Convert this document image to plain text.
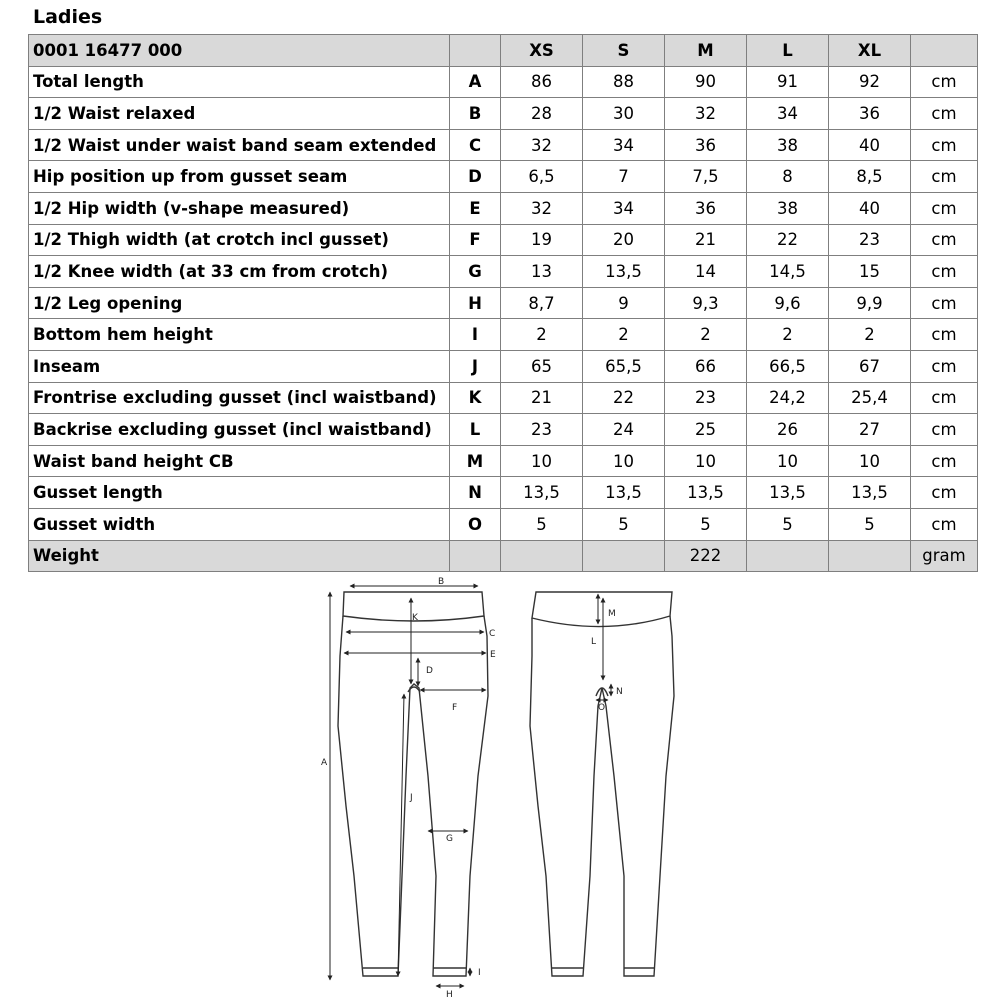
Ladies
0001 16477 000		XS	S	M	L	XL	
Total length	A	86	88	90	91	92	cm
1/2 Waist relaxed	B	28	30	32	34	36	cm
1/2 Waist under waist band seam extended	C	32	34	36	38	40	cm
Hip position up from gusset seam	D	6,5	7	7,5	8	8,5	cm
1/2 Hip width (v-shape measured)	E	32	34	36	38	40	cm
1/2 Thigh width (at crotch incl gusset)	F	19	20	21	22	23	cm
1/2 Knee width (at 33 cm from crotch)	G	13	13,5	14	14,5	15	cm
1/2 Leg opening	H	8,7	9	9,3	9,6	9,9	cm
Bottom hem height	I	2	2	2	2	2	cm
Inseam	J	65	65,5	66	66,5	67	cm
Frontrise excluding gusset (incl waistband)	K	21	22	23	24,2	25,4	cm
Backrise excluding gusset (incl waistband)	L	23	24	25	26	27	cm
Waist band height CB	M	10	10	10	10	10	cm
Gusset length	N	13,5	13,5	13,5	13,5	13,5	cm
Gusset width	O	5	5	5	5	5	cm
Weight				222			gram
B
K
C
E
D
F
A
J
G
I
H
M
L
N
O
